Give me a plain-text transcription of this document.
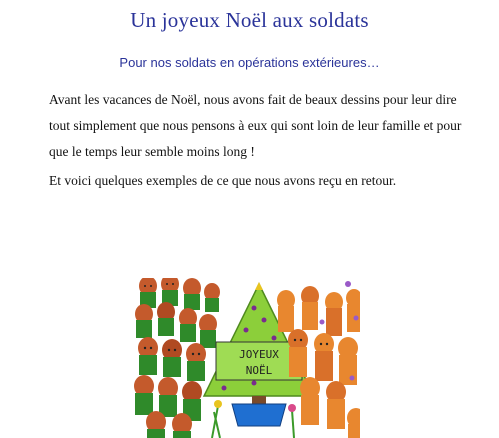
Un joyeux Noël aux soldats
Pour nos soldats en opérations extérieures…

Avant les vacances de Noël, nous avons fait de beaux dessins pour leur dire tout simplement que nous pensons à eux qui sont loin de leur famille et pour que le temps leur semble moins long !

Et voici quelques exemples de ce que nous avons reçu en retour.

JOYEUX
NOËL
